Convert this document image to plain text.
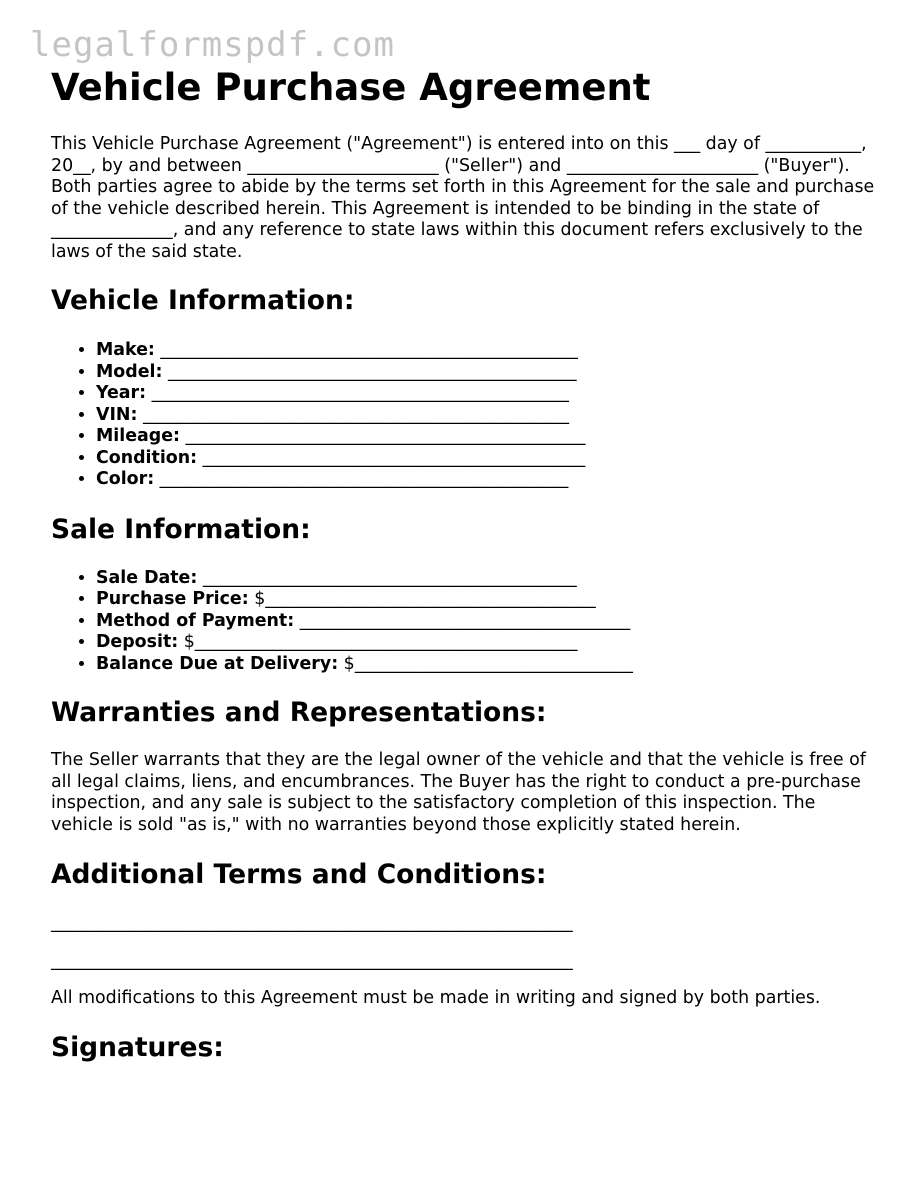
legalformspdf.com
Vehicle Purchase Agreement

This Vehicle Purchase Agreement ("Agreement") is entered into on this ___ day of ___________, 20__, by and between ______________________ ("Seller") and ______________________ ("Buyer"). Both parties agree to abide by the terms set forth in this Agreement for the sale and purchase of the vehicle described herein. This Agreement is intended to be binding in the state of ______________, and any reference to state laws within this document refers exclusively to the laws of the said state.

Vehicle Information:
• Make: ________________________________________________
• Model: _______________________________________________
• Year: ________________________________________________
• VIN: _________________________________________________
• Mileage: ______________________________________________
• Condition: ____________________________________________
• Color: _______________________________________________
Sale Information:
• Sale Date: ___________________________________________
• Purchase Price: $______________________________________
• Method of Payment: ______________________________________
• Deposit: $____________________________________________
• Balance Due at Delivery: $________________________________
Warranties and Representations:

The Seller warrants that they are the legal owner of the vehicle and that the vehicle is free of all legal claims, liens, and encumbrances. The Buyer has the right to conduct a pre-purchase inspection, and any sale is subject to the satisfactory completion of this inspection. The vehicle is sold "as is," with no warranties beyond those explicitly stated herein.

Additional Terms and Conditions:

____________________________________________________________

____________________________________________________________

All modifications to this Agreement must be made in writing and signed by both parties.

Signatures:
